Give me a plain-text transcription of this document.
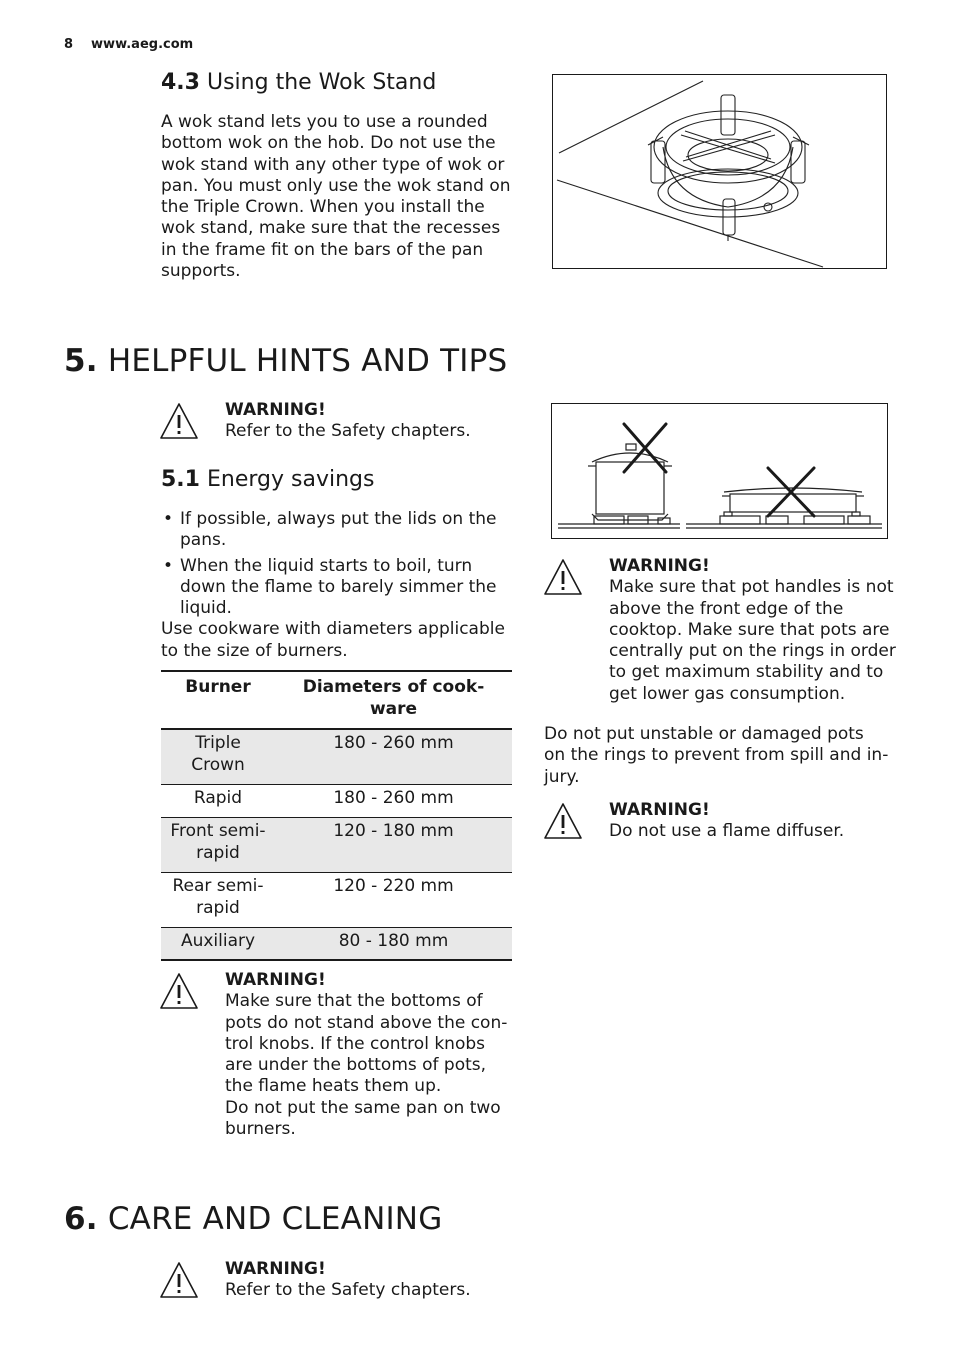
8 www.aeg.com
4.3 Using the Wok Stand
A wok stand lets you to use a rounded
bottom wok on the hob. Do not use the
wok stand with any other type of wok or
pan. You must only use the wok stand on
the Triple Crown. When you install the
wok stand, make sure that the recesses
in the frame fit on the bars of the pan
supports.
5. HELPFUL HINTS AND TIPS
WARNING!
Refer to the Safety chapters.
5.1 Energy savings
• If possible, always put the lids on the
pans.
• When the liquid starts to boil, turn
down the flame to barely simmer the
liquid.
Use cookware with diameters applicable
to the size of burners.
Burner	Diameters of cook-
ware

Triple
Crown	180 - 260 mm

Rapid	180 - 260 mm

Front semi-
rapid	120 - 180 mm

Rear semi-
rapid	120 - 220 mm

Auxiliary	80 - 180 mm
WARNING!
Make sure that the bottoms of
pots do not stand above the con-
trol knobs. If the control knobs
are under the bottoms of pots,
the flame heats them up.
Do not put the same pan on two
burners.
WARNING!
Make sure that pot handles is not
above the front edge of the
cooktop. Make sure that pots are
centrally put on the rings in order
to get maximum stability and to
get lower gas consumption.
Do not put unstable or damaged pots
on the rings to prevent from spill and in-
jury.
WARNING!
Do not use a flame diffuser.
6. CARE AND CLEANING
WARNING!
Refer to the Safety chapters.
